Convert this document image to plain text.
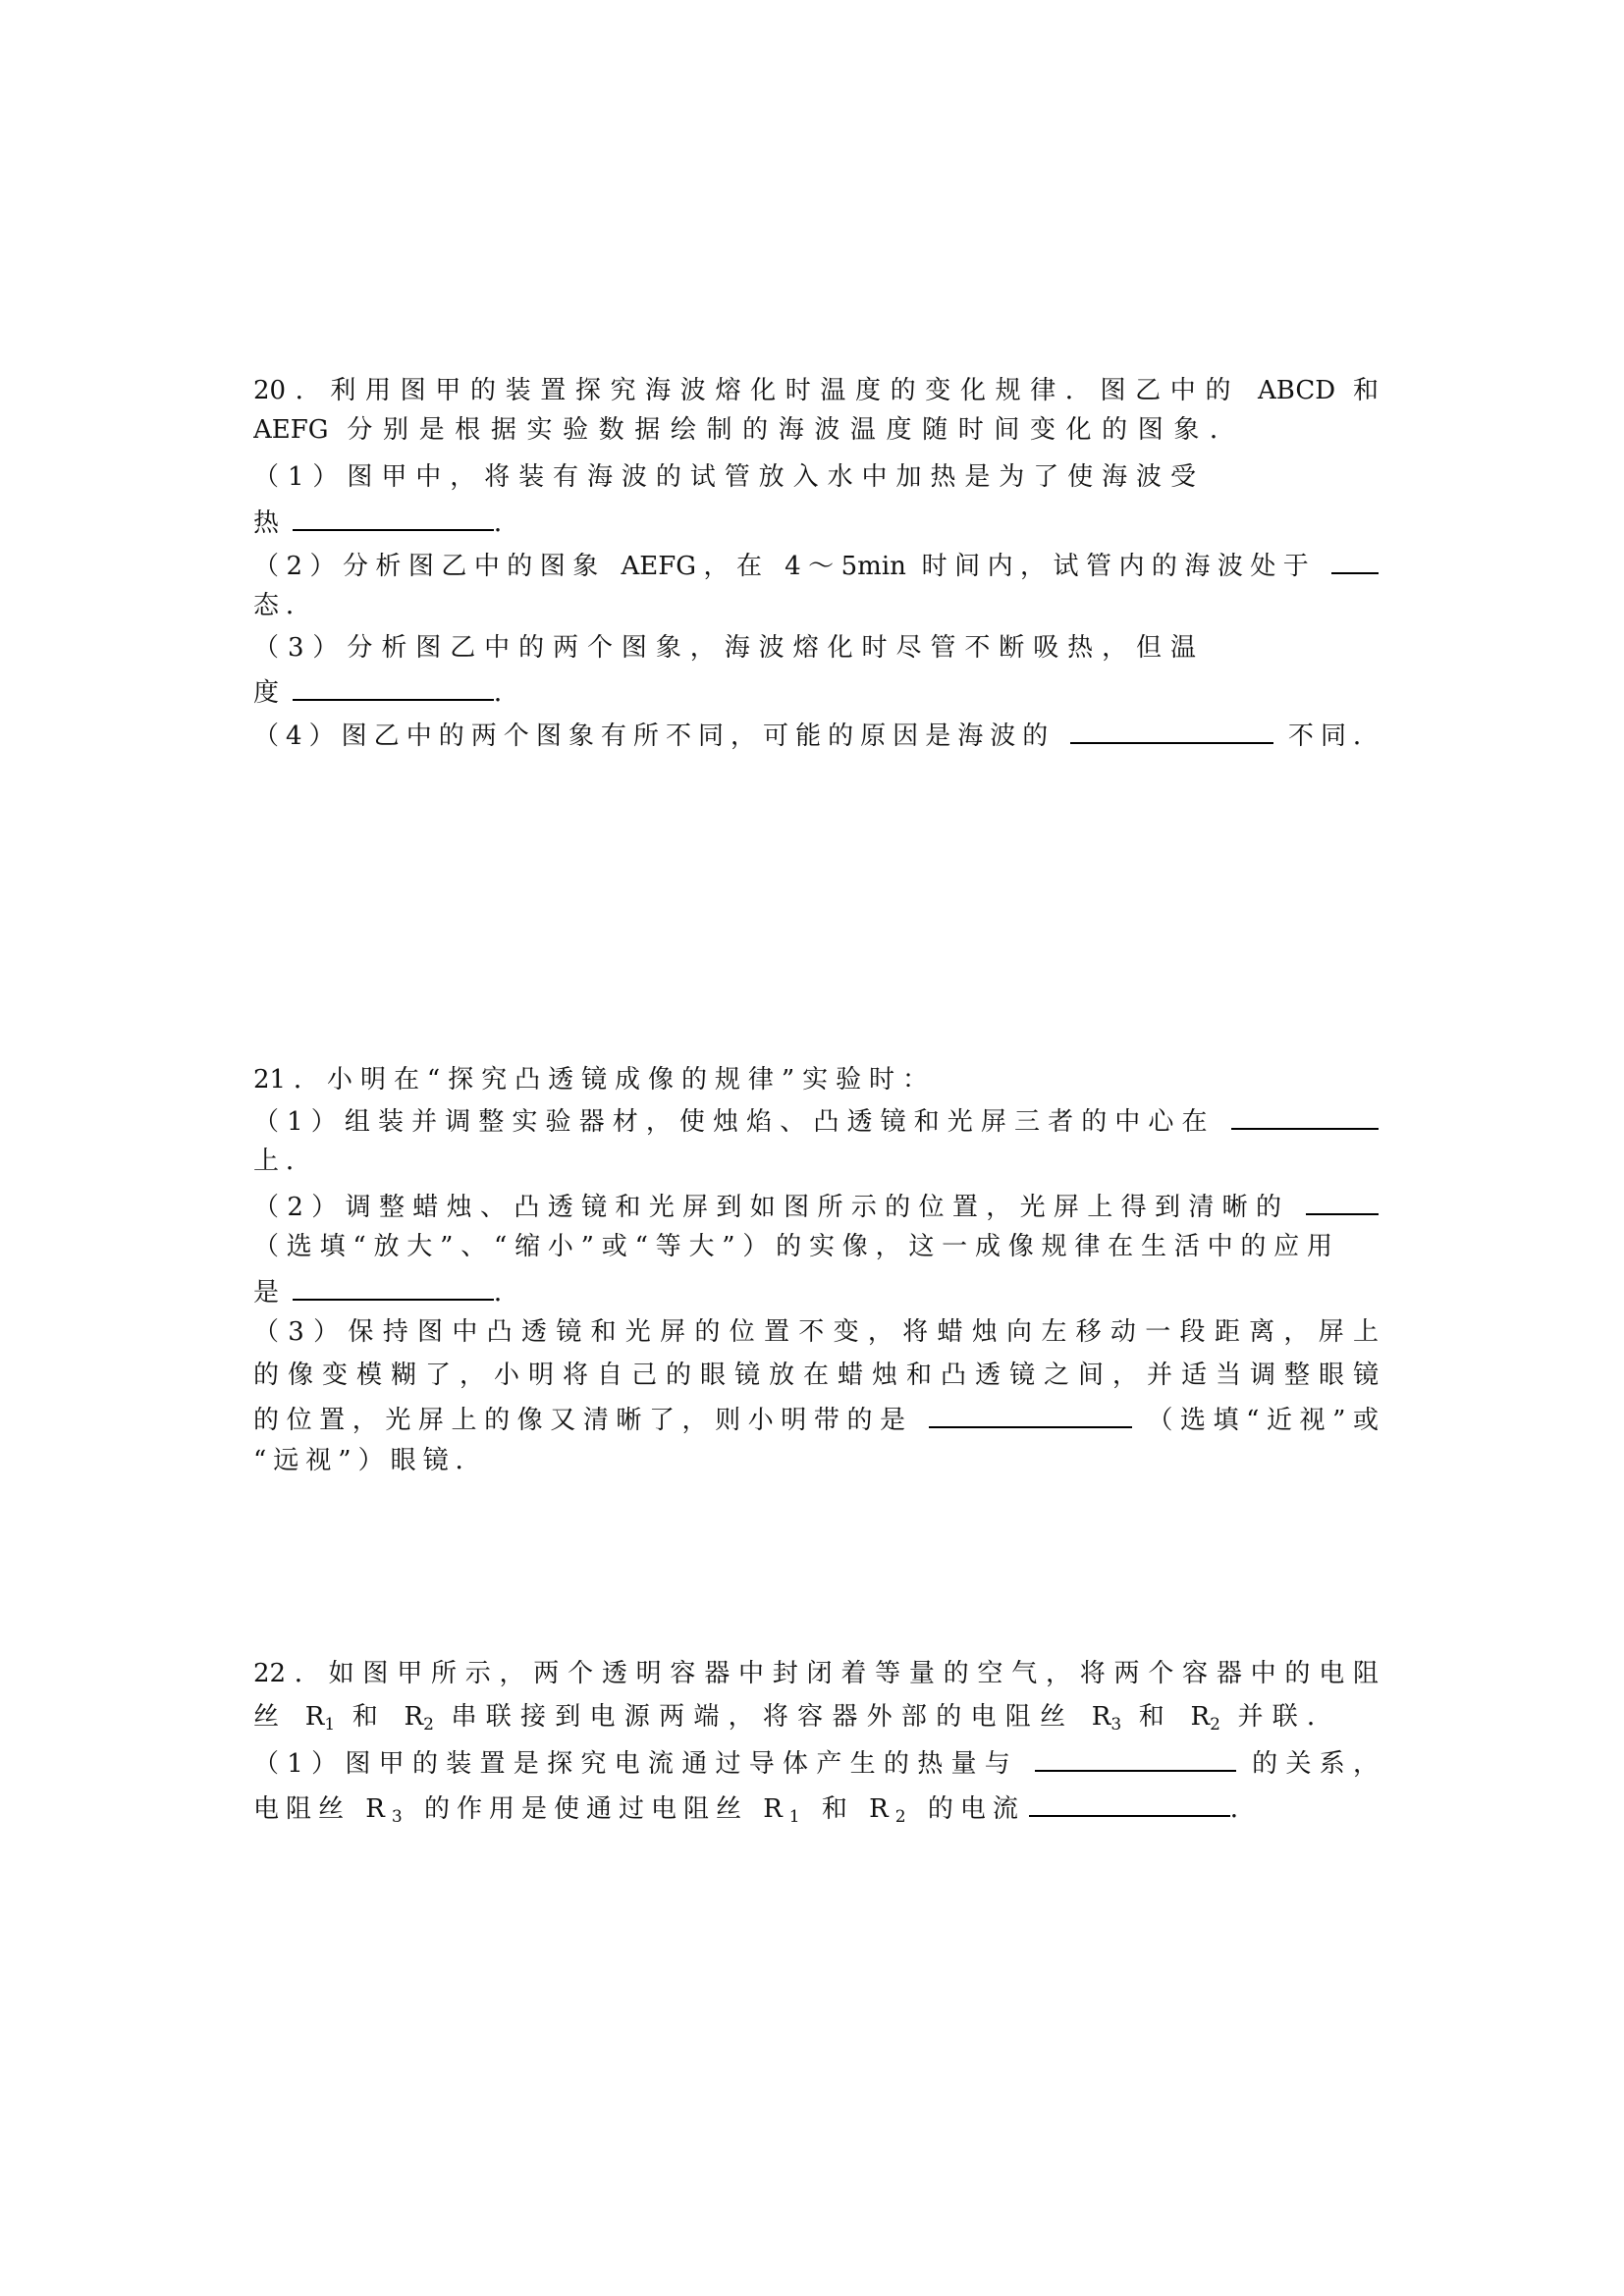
20．利用图甲的装置探究海波熔化时温度的变化规律．图乙中的 ABCD 和
AEFG 分别是根据实验数据绘制的海波温度随时间变化的图象．
（1）图甲中，将装有海波的试管放入水中加热是为了使海波受
热	．
（2）分析图乙中的图象 AEFG，在 4～5min 时间内，试管内的海波处于
态．
（3）分析图乙中的两个图象，海波熔化时尽管不断吸热，但温
度	．
（4）图乙中的两个图象有所不同，可能的原因是海波的	不同．
21．小明在“探究凸透镜成像的规律”实验时：
（1）组装并调整实验器材，使烛焰、凸透镜和光屏三者的中心在
上．
（2）调整蜡烛、凸透镜和光屏到如图所示的位置，光屏上得到清晰的
（选填“放大”、“缩小”或“等大”）的实像，这一成像规律在生活中的应用
是	．
（3）保持图中凸透镜和光屏的位置不变，将蜡烛向左移动一段距离，屏上
的像变模糊了，小明将自己的眼镜放在蜡烛和凸透镜之间，并适当调整眼镜
的位置，光屏上的像又清晰了，则小明带的是	（选填“近视”或
“远视”）眼镜．
22．如图甲所示，两个透明容器中封闭着等量的空气，将两个容器中的电阻
丝 $R_1$ 和 $R_2$ 串联接到电源两端，将容器外部的电阻丝 $R_3$ 和 $R_2$ 并联．
（1）图甲的装置是探究电流通过导体产生的热量与	的关系，
电阻丝 $R_3$ 的作用是使通过电阻丝 $R_1$ 和 $R_2$ 的电流	．
